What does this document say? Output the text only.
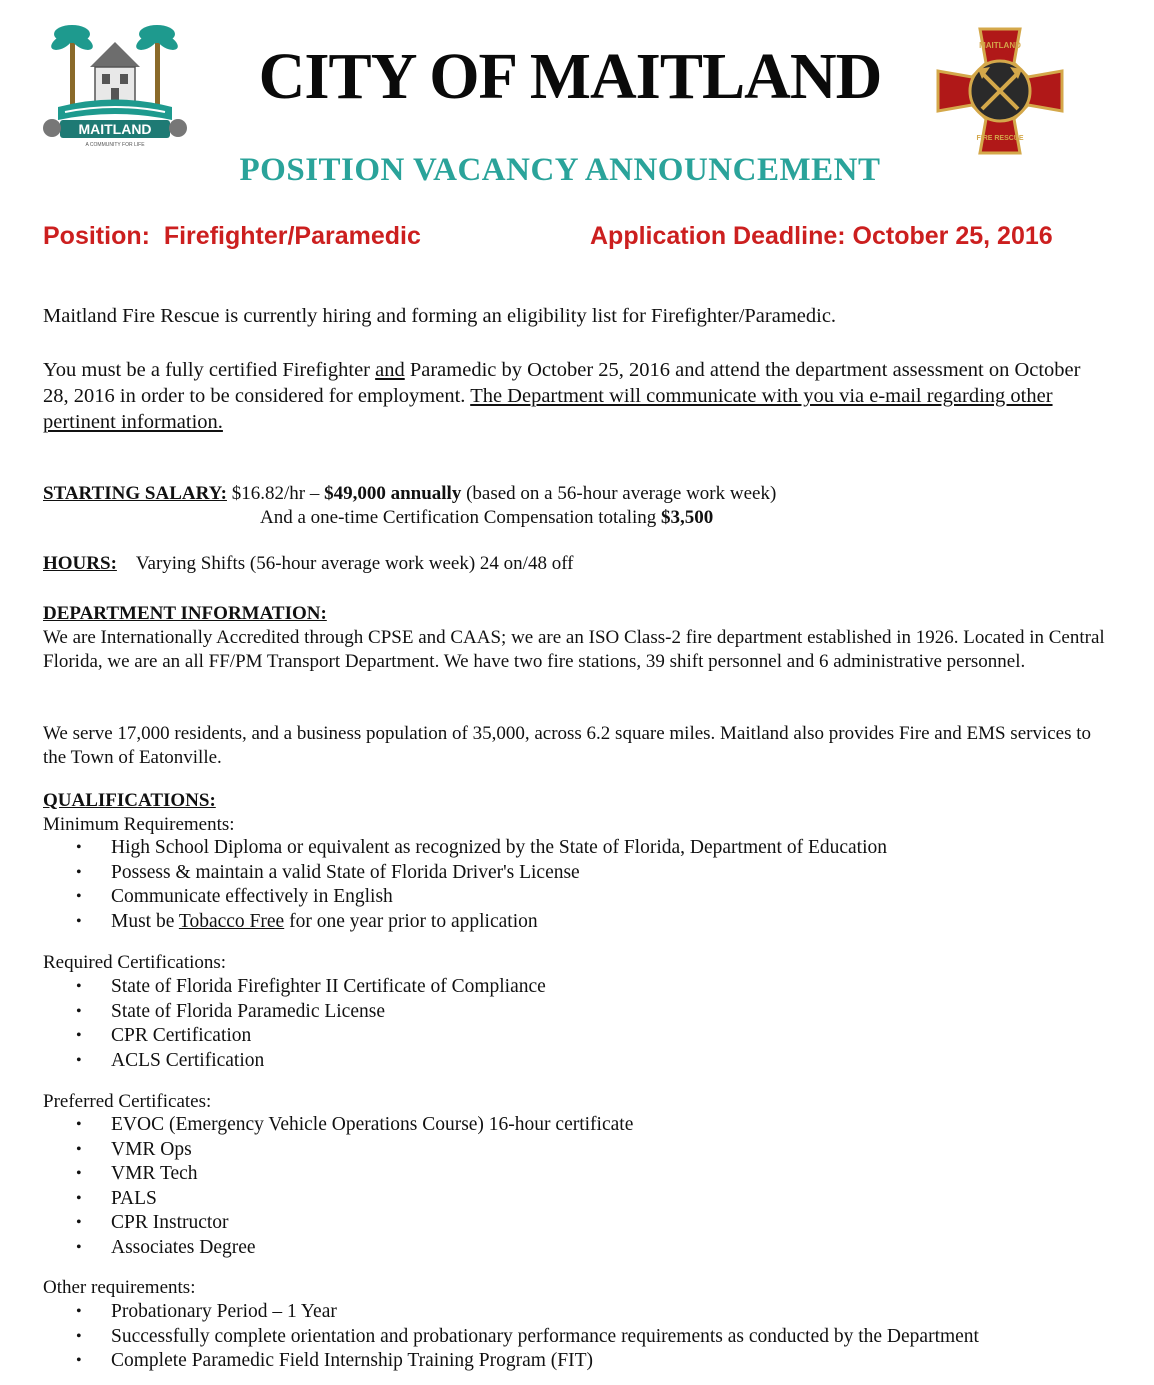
MAITLAND
A COMMUNITY FOR LIFE
CITY OF MAITLAND	MAITLAND
FIRE RESCUE
POSITION VACANCY ANNOUNCEMENT
Position: Firefighter/Paramedic	Application Deadline: October 25, 2016
Maitland Fire Rescue is currently hiring and forming an eligibility list for Firefighter/Paramedic.
You must be a fully certified Firefighter and Paramedic by October 25, 2016 and attend the department assessment on October 28, 2016 in order to be considered for employment. The Department will communicate with you via e-mail regarding other pertinent information.
STARTING SALARY: $16.82/hr – $49,000 annually (based on a 56-hour average work week)
And a one-time Certification Compensation totaling $3,500
HOURS: Varying Shifts (56-hour average work week) 24 on/48 off
DEPARTMENT INFORMATION:
We are Internationally Accredited through CPSE and CAAS; we are an ISO Class-2 fire department established in 1926. Located in Central Florida, we are an all FF/PM Transport Department. We have two fire stations, 39 shift personnel and 6 administrative personnel.
We serve 17,000 residents, and a business population of 35,000, across 6.2 square miles. Maitland also provides Fire and EMS services to the Town of Eatonville.
QUALIFICATIONS:
Minimum Requirements:
• High School Diploma or equivalent as recognized by the State of Florida, Department of Education
• Possess & maintain a valid State of Florida Driver's License
• Communicate effectively in English
• Must be Tobacco Free for one year prior to application
Required Certifications:
• State of Florida Firefighter II Certificate of Compliance
• State of Florida Paramedic License
• CPR Certification
• ACLS Certification
Preferred Certificates:
• EVOC (Emergency Vehicle Operations Course) 16-hour certificate
• VMR Ops
• VMR Tech
• PALS
• CPR Instructor
• Associates Degree
Other requirements:
• Probationary Period – 1 Year
• Successfully complete orientation and probationary performance requirements as conducted by the Department
• Complete Paramedic Field Internship Training Program (FIT)
